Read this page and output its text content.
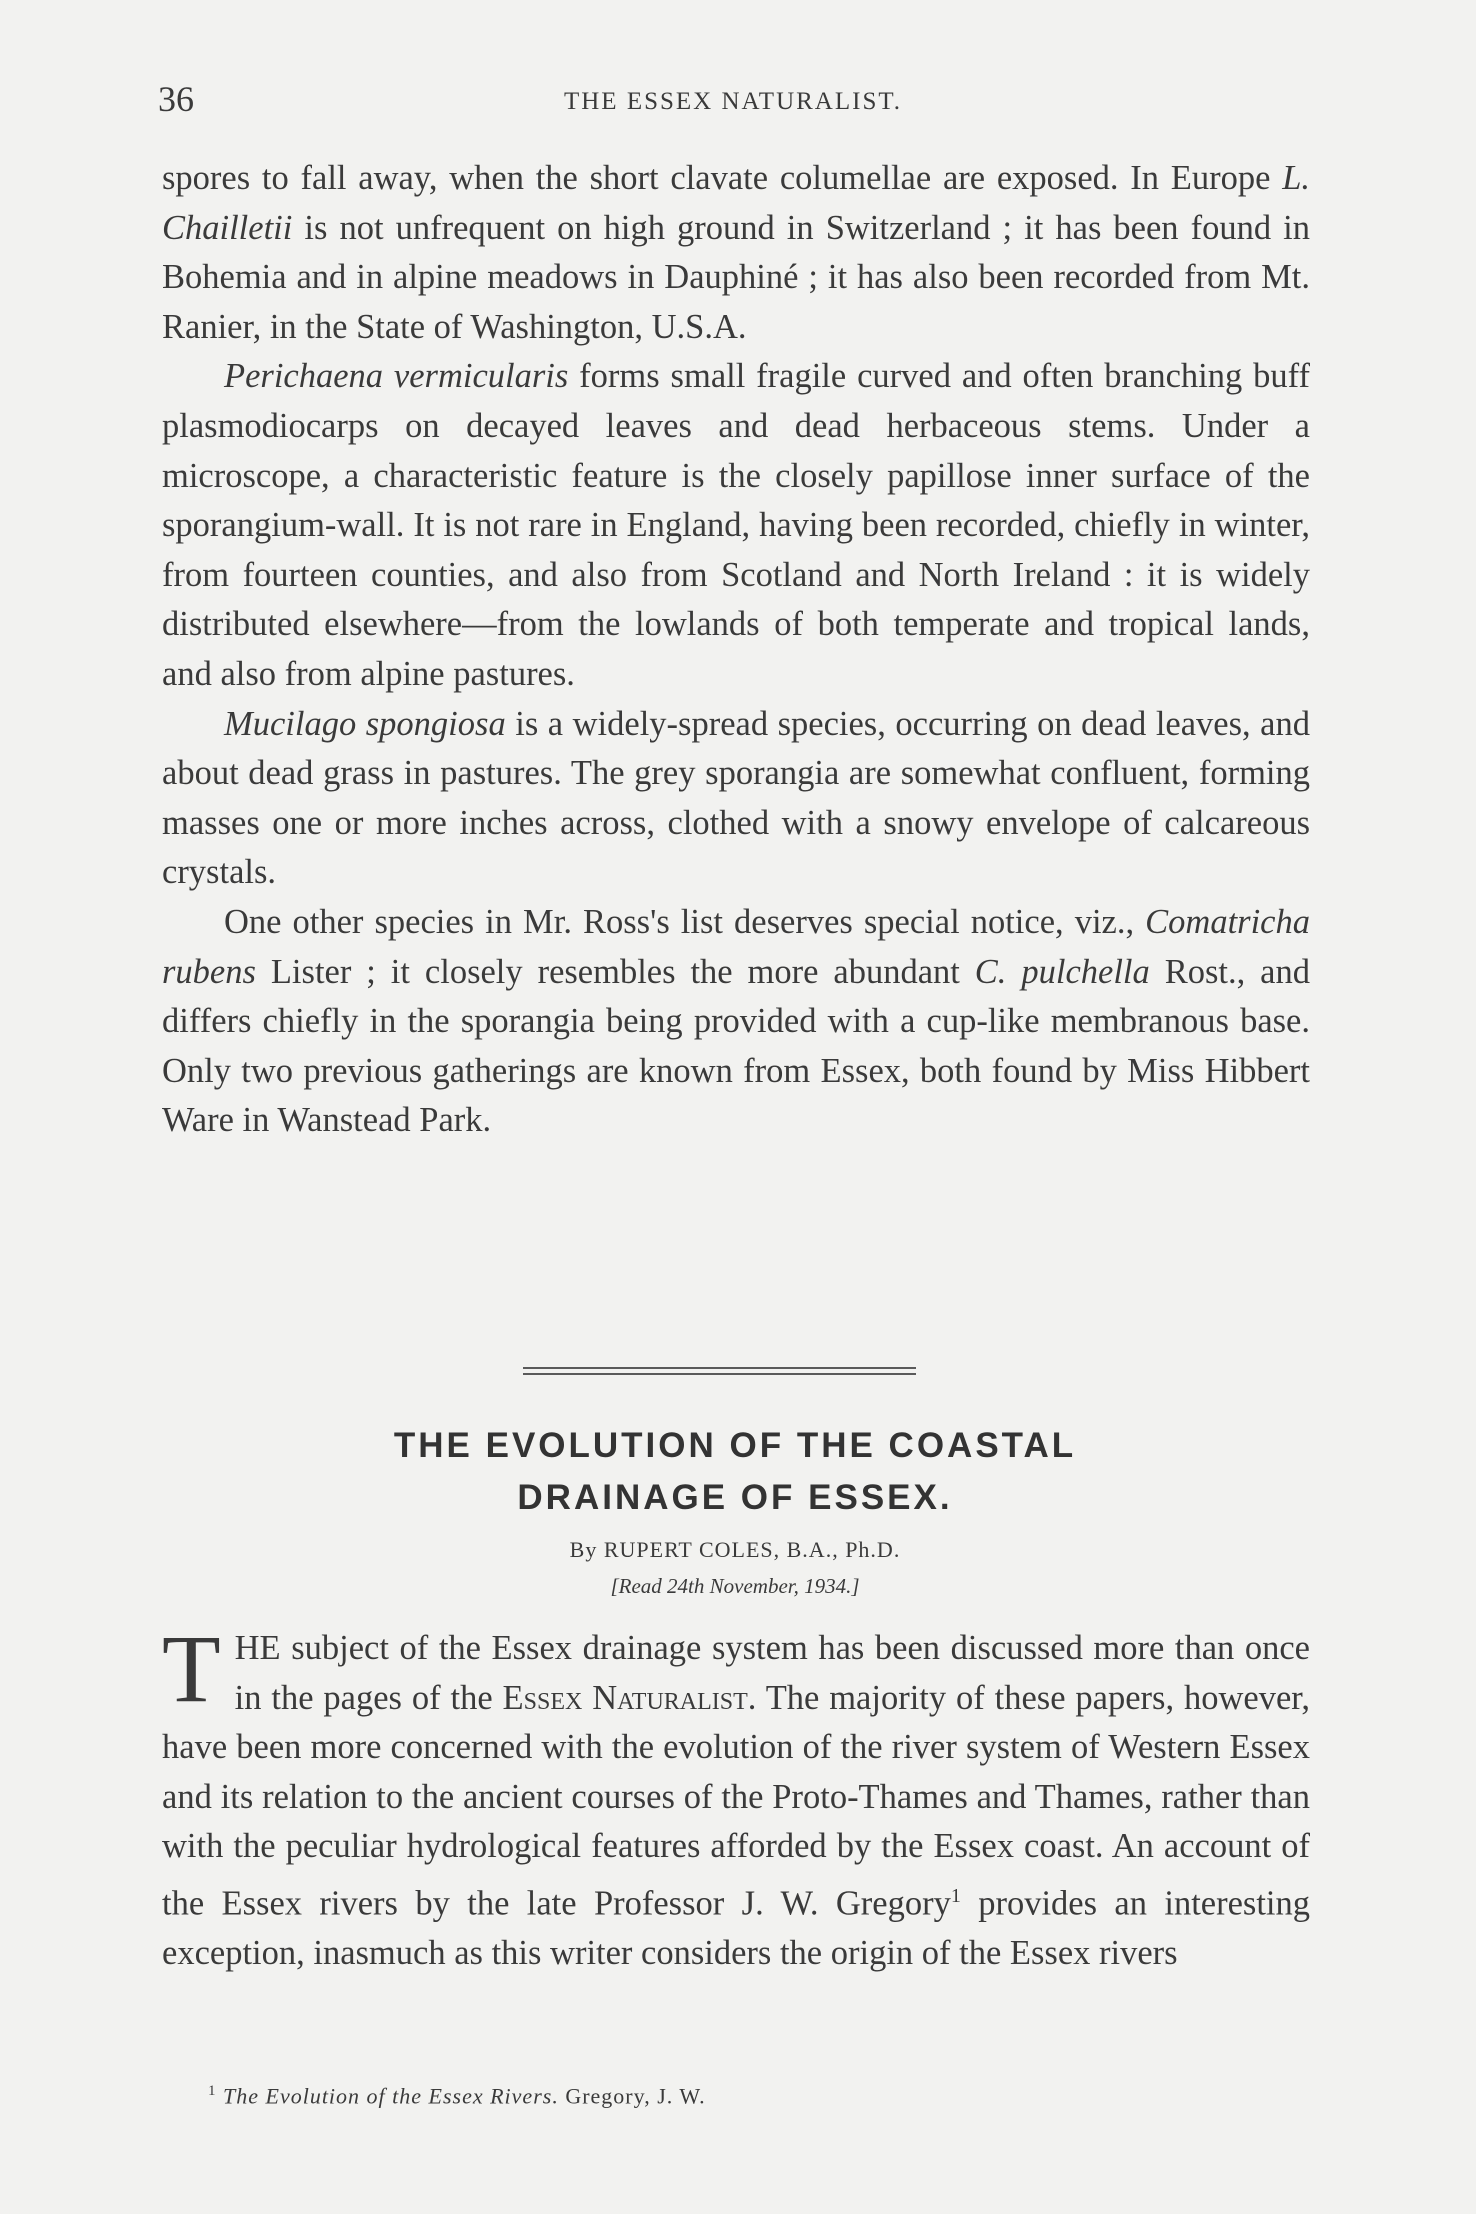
36	THE ESSEX NATURALIST.

spores to fall away, when the short clavate columellae are exposed. In Europe L. Chailletii is not unfrequent on high ground in Switzerland ; it has been found in Bohemia and in alpine meadows in Dauphiné ; it has also been recorded from Mt. Ranier, in the State of Washington, U.S.A.

Perichaena vermicularis forms small fragile curved and often branching buff plasmodiocarps on decayed leaves and dead herbaceous stems. Under a microscope, a characteristic feature is the closely papillose inner surface of the sporangium-wall. It is not rare in England, having been recorded, chiefly in winter, from fourteen counties, and also from Scotland and North Ireland : it is widely distributed elsewhere—from the lowlands of both temperate and tropical lands, and also from alpine pastures.

Mucilago spongiosa is a widely-spread species, occurring on dead leaves, and about dead grass in pastures. The grey sporangia are somewhat confluent, forming masses one or more inches across, clothed with a snowy envelope of calcareous crystals.

One other species in Mr. Ross's list deserves special notice, viz., Comatricha rubens Lister ; it closely resembles the more abundant C. pulchella Rost., and differs chiefly in the sporangia being provided with a cup-like membranous base. Only two previous gatherings are known from Essex, both found by Miss Hibbert Ware in Wanstead Park.

THE EVOLUTION OF THE COASTAL
DRAINAGE OF ESSEX.
By RUPERT COLES, B.A., Ph.D.
[Read 24th November, 1934.]

THE subject of the Essex drainage system has been discussed more than once in the pages of the Essex Naturalist. The majority of these papers, however, have been more concerned with the evolution of the river system of Western Essex and its relation to the ancient courses of the Proto-Thames and Thames, rather than with the peculiar hydrological features afforded by the Essex coast. An account of the Essex rivers by the late Professor J. W. Gregory$^1$ provides an interesting exception, inasmuch as this writer considers the origin of the Essex rivers

$^1$ The Evolution of the Essex Rivers. Gregory, J. W.
